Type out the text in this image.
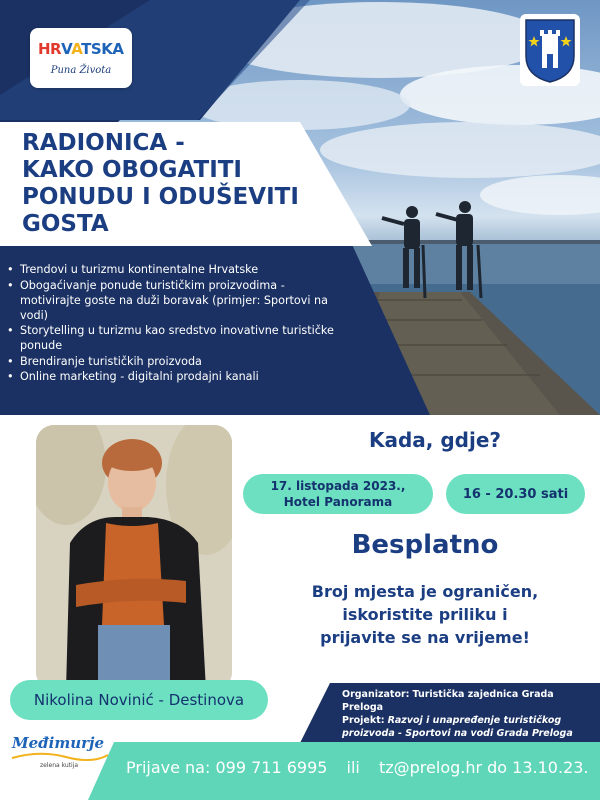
HRVATSKA
Puna Života
RADIONICA -
KAKO OBOGATITI
PONUDU I ODUŠEVITI
GOSTA
• Trendovi u turizmu kontinentalne Hrvatske
• Obogaćivanje ponude turističkim proizvodima - motivirajte goste na duži boravak (primjer: Sportovi na vodi)
• Storytelling u turizmu kao sredstvo inovativne turističke ponude
• Brendiranje turističkih proizvoda
• Online marketing - digitalni prodajni kanali
Nikolina Novinić - Destinova
Kada, gdje?
17. listopada 2023.,
Hotel Panorama
16 - 20.30 sati
Besplatno
Broj mjesta je ograničen,
iskoristite priliku i
prijavite se na vrijeme!
Organizator: Turistička zajednica Grada Preloga
Projekt: Razvoj i unapređenje turističkog proizvoda - Sportovi na vodi Grada Preloga
Međimurje
zelena kutija	Prijave na: 099 711 6995 ili tz@prelog.hr do 13.10.23.
